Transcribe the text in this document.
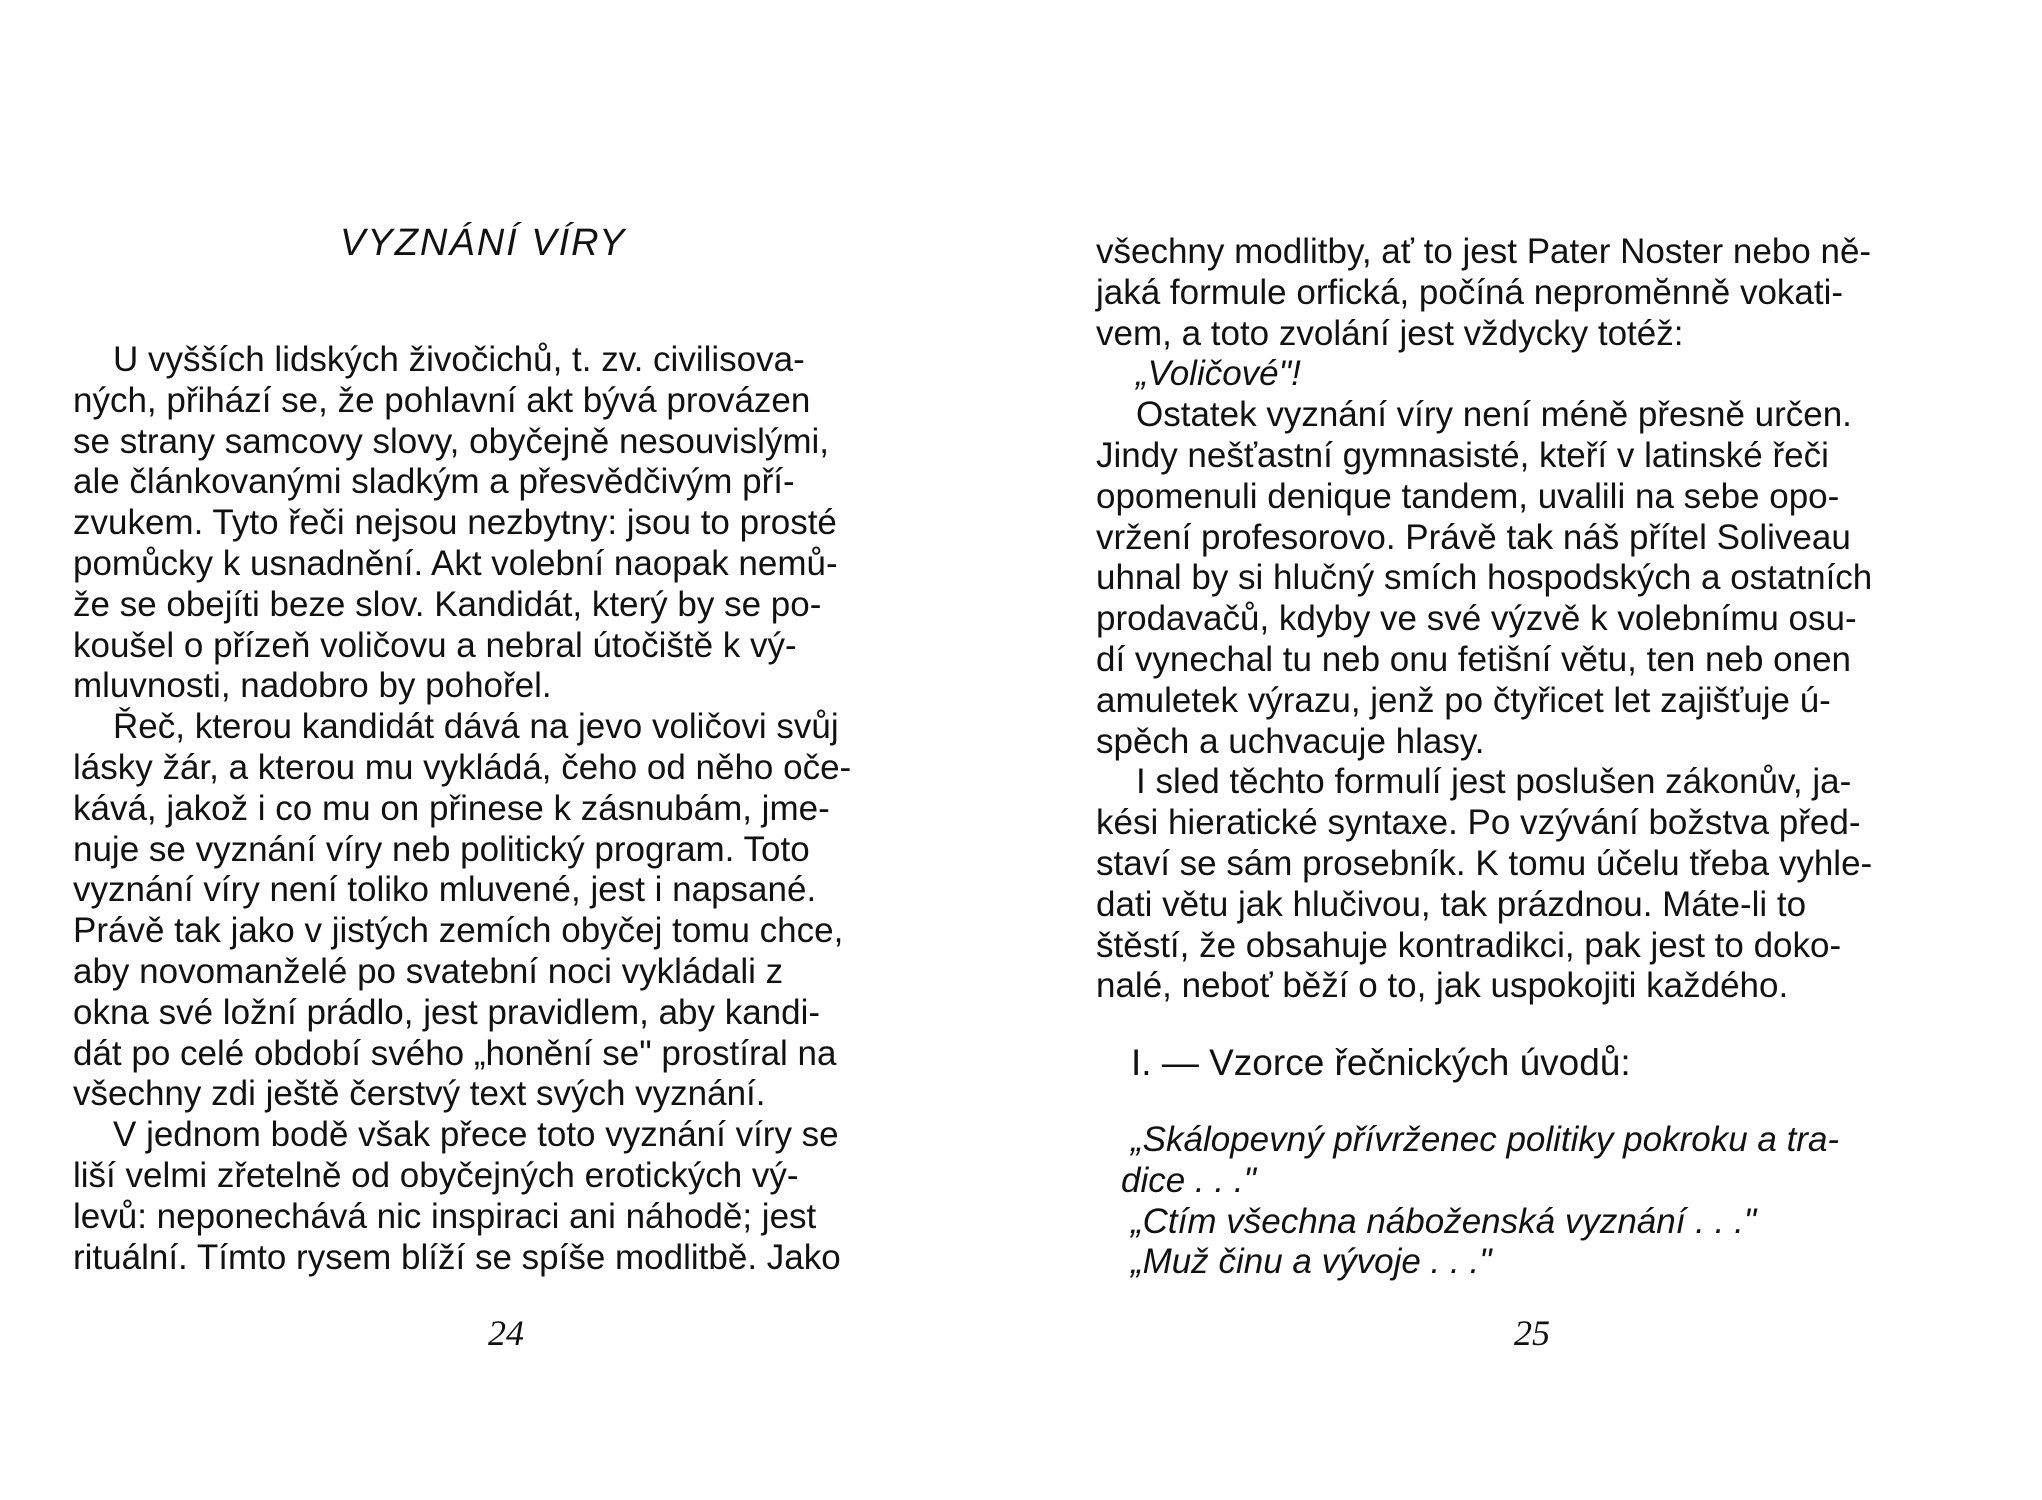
VYZNÁNÍ VÍRY
U vyšších lidských živočichů, t. zv. civilisova-
ných, přihází se, že pohlavní akt bývá provázen
se strany samcovy slovy, obyčejně nesouvislými,
ale článkovanými sladkým a přesvědčivým pří-
zvukem. Tyto řeči nejsou nezbytny: jsou to prosté
pomůcky k usnadnění. Akt volební naopak nemů-
že se obejíti beze slov. Kandidát, který by se po-
koušel o přízeň voličovu a nebral útočiště k vý-
mluvnosti, nadobro by pohořel.
Řeč, kterou kandidát dává na jevo voličovi svůj
lásky žár, a kterou mu vykládá, čeho od něho oče-
kává, jakož i co mu on přinese k zásnubám, jme-
nuje se vyznání víry neb politický program. Toto
vyznání víry není toliko mluvené, jest i napsané.
Právě tak jako v jistých zemích obyčej tomu chce,
aby novomanželé po svatební noci vykládali z
okna své ložní prádlo, jest pravidlem, aby kandi-
dát po celé období svého „honění se" prostíral na
všechny zdi ještě čerstvý text svých vyznání.
V jednom bodě však přece toto vyznání víry se
liší velmi zřetelně od obyčejných erotických vý-
levů: neponechává nic inspiraci ani náhodě; jest
rituální. Tímto rysem blíží se spíše modlitbě. Jako
24
všechny modlitby, ať to jest Pater Noster nebo ně-
jaká formule orfická, počíná nepromĕnně vokati-
vem, a toto zvolání jest vždycky totéž:
„Voličové"!
Ostatek vyznání víry není méně přesně určen.
Jindy nešťastní gymnasisté, kteří v latinské řeči
opomenuli denique tandem, uvalili na sebe opo-
vržení profesorovo. Právě tak náš přítel Soliveau
uhnal by si hlučný smích hospodských a ostatních
prodavačů, kdyby ve své výzvě k volebnímu osu-
dí vynechal tu neb onu fetišní větu, ten neb onen
amuletek výrazu, jenž po čtyřicet let zajišťuje ú-
spěch a uchvacuje hlasy.
I sled těchto formulí jest poslušen zákonův, ja-
kési hieratické syntaxe. Po vzývání božstva před-
staví se sám prosebník. K tomu účelu třeba vyhle-
dati větu jak hlučivou, tak prázdnou. Máte-li to
štěstí, že obsahuje kontradikci, pak jest to doko-
nalé, neboť běží o to, jak uspokojiti každého.
I. — Vzorce řečnických úvodů:
„Skálopevný přívrženec politiky pokroku a tra-
dice . . ."
„Ctím všechna náboženská vyznání . . ."
„Muž činu a vývoje . . ."
25
